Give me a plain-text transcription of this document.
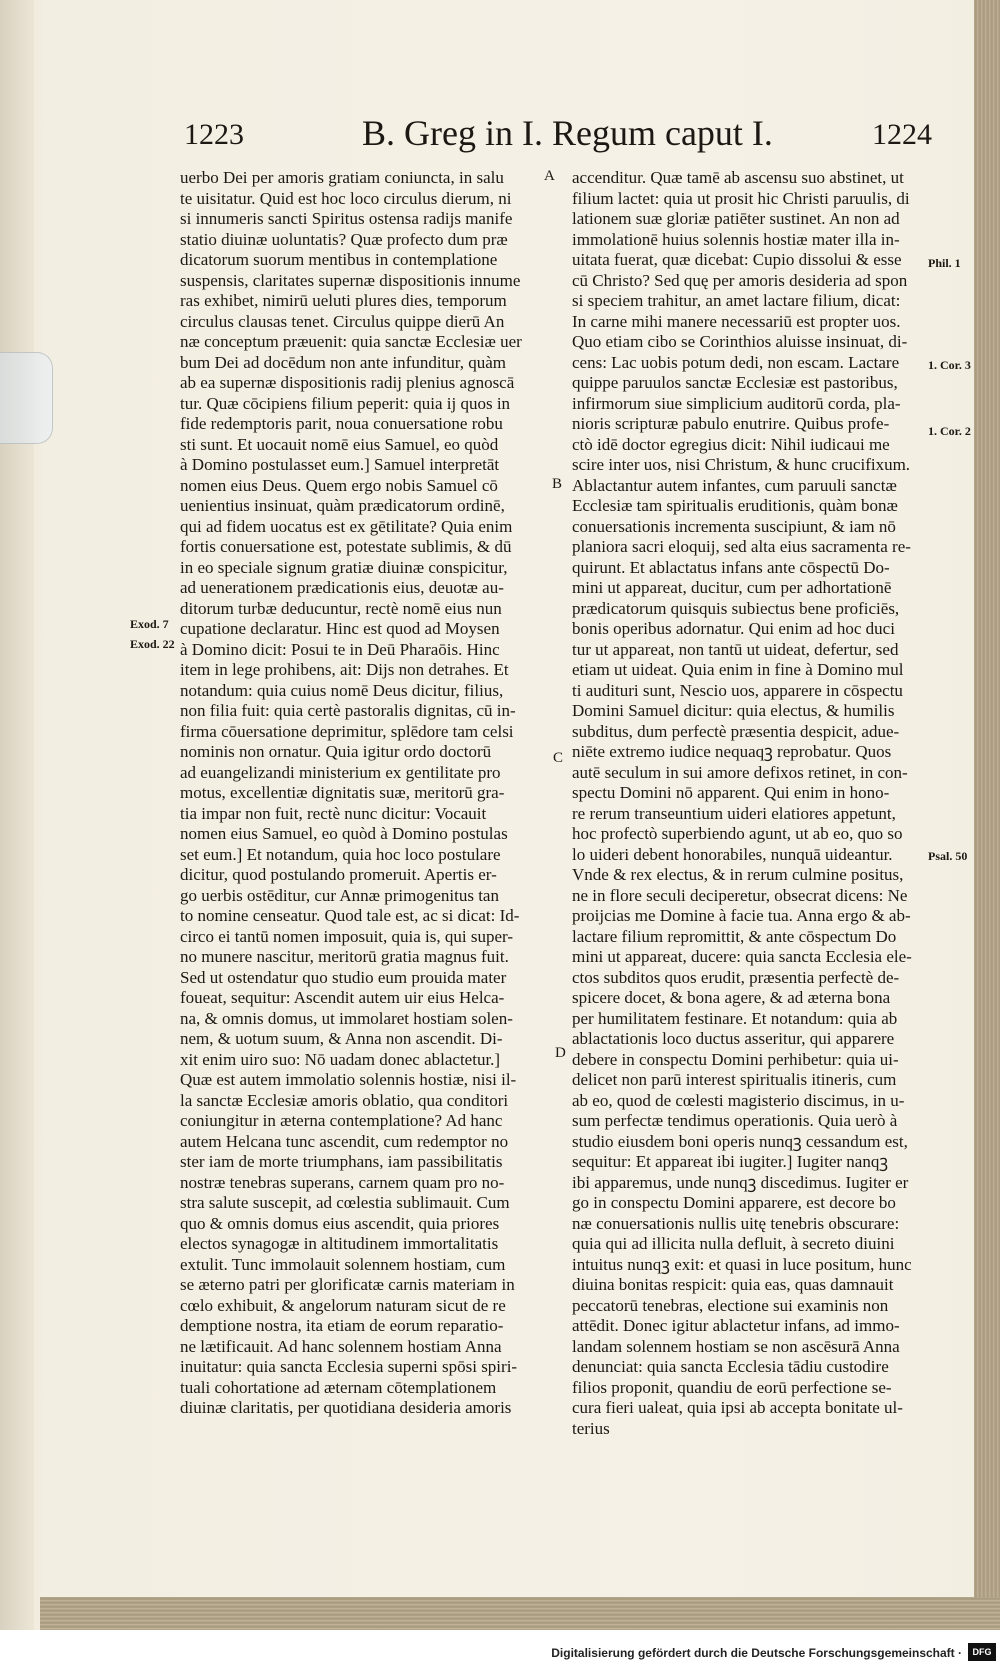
1223	B. Greg in I. Regum caput I.	1224
uerbo Dei per amoris gratiam coniuncta, in salu
te uisitatur. Quid est hoc loco circulus dierum, ni
si innumeris sancti Spiritus ostensa radijs manife
statio diuinæ uoluntatis? Quæ profecto dum præ
dicatorum suorum mentibus in contemplatione
suspensis, claritates supernæ dispositionis innume
ras exhibet, nimirū ueluti plures dies, temporum
circulus clausas tenet. Circulus quippe dierū An
næ conceptum præuenit: quia sanctæ Ecclesiæ uer
bum Dei ad docēdum non ante infunditur, quàm
ab ea supernæ dispositionis radij plenius agnoscā
tur. Quæ cōcipiens filium peperit: quia ij quos in
fide redemptoris parit, noua conuersatione robu
sti sunt. Et uocauit nomē eius Samuel, eo quòd
à Domino postulasset eum.] Samuel interpretāt
nomen eius Deus. Quem ergo nobis Samuel cō
uenientius insinuat, quàm prædicatorum ordinē,
qui ad fidem uocatus est ex gētilitate? Quia enim
fortis conuersatione est, potestate sublimis, & dū
in eo speciale signum gratiæ diuinæ conspicitur,
ad uenerationem prædicationis eius, deuotæ au-
ditorum turbæ deducuntur, rectè nomē eius nun
cupatione declaratur. Hinc est quod ad Moysen
à Domino dicit: Posui te in Deū Pharaōis. Hinc
item in lege prohibens, ait: Dijs non detrahes. Et
notandum: quia cuius nomē Deus dicitur, filius,
non filia fuit: quia certè pastoralis dignitas, cū in-
firma cōuersatione deprimitur, splēdore tam celsi
nominis non ornatur. Quia igitur ordo doctorū
ad euangelizandi ministerium ex gentilitate pro
motus, excellentiæ dignitatis suæ, meritorū gra-
tia impar non fuit, rectè nunc dicitur: Vocauit
nomen eius Samuel, eo quòd à Domino postulas
set eum.] Et notandum, quia hoc loco postulare
dicitur, quod postulando promeruit. Apertis er-
go uerbis ostēditur, cur Annæ primogenitus tan
to nomine censeatur. Quod tale est, ac si dicat: Id-
circo ei tantū nomen imposuit, quia is, qui super-
no munere nascitur, meritorū gratia magnus fuit.
Sed ut ostendatur quo studio eum prouida mater
foueat, sequitur: Ascendit autem uir eius Helca-
na, & omnis domus, ut immolaret hostiam solen-
nem, & uotum suum, & Anna non ascendit. Di-
xit enim uiro suo: Nō uadam donec ablactetur.]
Quæ est autem immolatio solennis hostiæ, nisi il-
la sanctæ Ecclesiæ amoris oblatio, qua conditori
coniungitur in æterna contemplatione? Ad hanc
autem Helcana tunc ascendit, cum redemptor no
ster iam de morte triumphans, iam passibilitatis
nostræ tenebras superans, carnem quam pro no-
stra salute suscepit, ad cœlestia sublimauit. Cum
quo & omnis domus eius ascendit, quia priores
electos synagogæ in altitudinem immortalitatis
extulit. Tunc immolauit solennem hostiam, cum
se æterno patri per glorificatæ carnis materiam in
cœlo exhibuit, & angelorum naturam sicut de re
demptione nostra, ita etiam de eorum reparatio-
ne lætificauit. Ad hanc solennem hostiam Anna
inuitatur: quia sancta Ecclesia superni spōsi spiri-
tuali cohortatione ad æternam cōtemplationem
diuinæ claritatis, per quotidiana desideria amoris
accenditur. Quæ tamē ab ascensu suo abstinet, ut
filium lactet: quia ut prosit hic Christi paruulis, di
lationem suæ gloriæ patiēter sustinet. An non ad
immolationē huius solennis hostiæ mater illa in-
uitata fuerat, quæ dicebat: Cupio dissolui & esse
cū Christo? Sed quę per amoris desideria ad spon
si speciem trahitur, an amet lactare filium, dicat:
In carne mihi manere necessariū est propter uos.
Quo etiam cibo se Corinthios aluisse insinuat, di-
cens: Lac uobis potum dedi, non escam. Lactare
quippe paruulos sanctæ Ecclesiæ est pastoribus,
infirmorum siue simplicium auditorū corda, pla-
nioris scripturæ pabulo enutrire. Quibus profe-
ctò idē doctor egregius dicit: Nihil iudicaui me
scire inter uos, nisi Christum, & hunc crucifixum.
Ablactantur autem infantes, cum paruuli sanctæ
Ecclesiæ tam spiritualis eruditionis, quàm bonæ
conuersationis incrementa suscipiunt, & iam nō
planiora sacri eloquij, sed alta eius sacramenta re-
quirunt. Et ablactatus infans ante cōspectū Do-
mini ut appareat, ducitur, cum per adhortationē
prædicatorum quisquis subiectus bene proficiēs,
bonis operibus adornatur. Qui enim ad hoc duci
tur ut appareat, non tantū ut uideat, defertur, sed
etiam ut uideat. Quia enim in fine à Domino mul
ti audituri sunt, Nescio uos, apparere in cōspectu
Domini Samuel dicitur: quia electus, & humilis
subditus, dum perfectè præsentia despicit, adue-
niēte extremo iudice nequaqꝫ reprobatur. Quos
autē seculum in sui amore defixos retinet, in con-
spectu Domini nō apparent. Qui enim in hono-
re rerum transeuntium uideri elatiores appetunt,
hoc profectò superbiendo agunt, ut ab eo, quo so
lo uideri debent honorabiles, nunquā uideantur.
Vnde & rex electus, & in rerum culmine positus,
ne in flore seculi deciperetur, obsecrat dicens: Ne
proijcias me Domine à facie tua. Anna ergo & ab-
lactare filium repromittit, & ante cōspectum Do
mini ut appareat, ducere: quia sancta Ecclesia ele-
ctos subditos quos erudit, præsentia perfectè de-
spicere docet, & bona agere, & ad æterna bona
per humilitatem festinare. Et notandum: quia ab
ablactationis loco ductus asseritur, qui apparere
debere in conspectu Domini perhibetur: quia ui-
delicet non parū interest spiritualis itineris, cum
ab eo, quod de cœlesti magisterio discimus, in u-
sum perfectæ tendimus operationis. Quia uerò à
studio eiusdem boni operis nunqꝫ cessandum est,
sequitur: Et appareat ibi iugiter.] Iugiter nanqꝫ
ibi apparemus, unde nunqꝫ discedimus. Iugiter er
go in conspectu Domini apparere, est decore bo
næ conuersationis nullis uitę tenebris obscurare:
quia qui ad illicita nulla defluit, à secreto diuini
intuitus nunqꝫ exit: et quasi in luce positum, hunc
diuina bonitas respicit: quia eas, quas damnauit
peccatorū tenebras, electione sui examinis non
attēdit. Donec igitur ablactetur infans, ad immo-
landam solennem hostiam se non ascēsurā Anna
denunciat: quia sancta Ecclesia tādiu custodire
filios proponit, quandiu de eorū perfectione se-
cura fieri ualeat, quia ipsi ab accepta bonitate ul-
terius
A
B
C
D
Phil. 1
1. Cor. 3
1. Cor. 2
Exod. 7
Exod. 22
Psal. 50
Digitalisierung gefördert durch die Deutsche Forschungsgemeinschaft ·	DFG
